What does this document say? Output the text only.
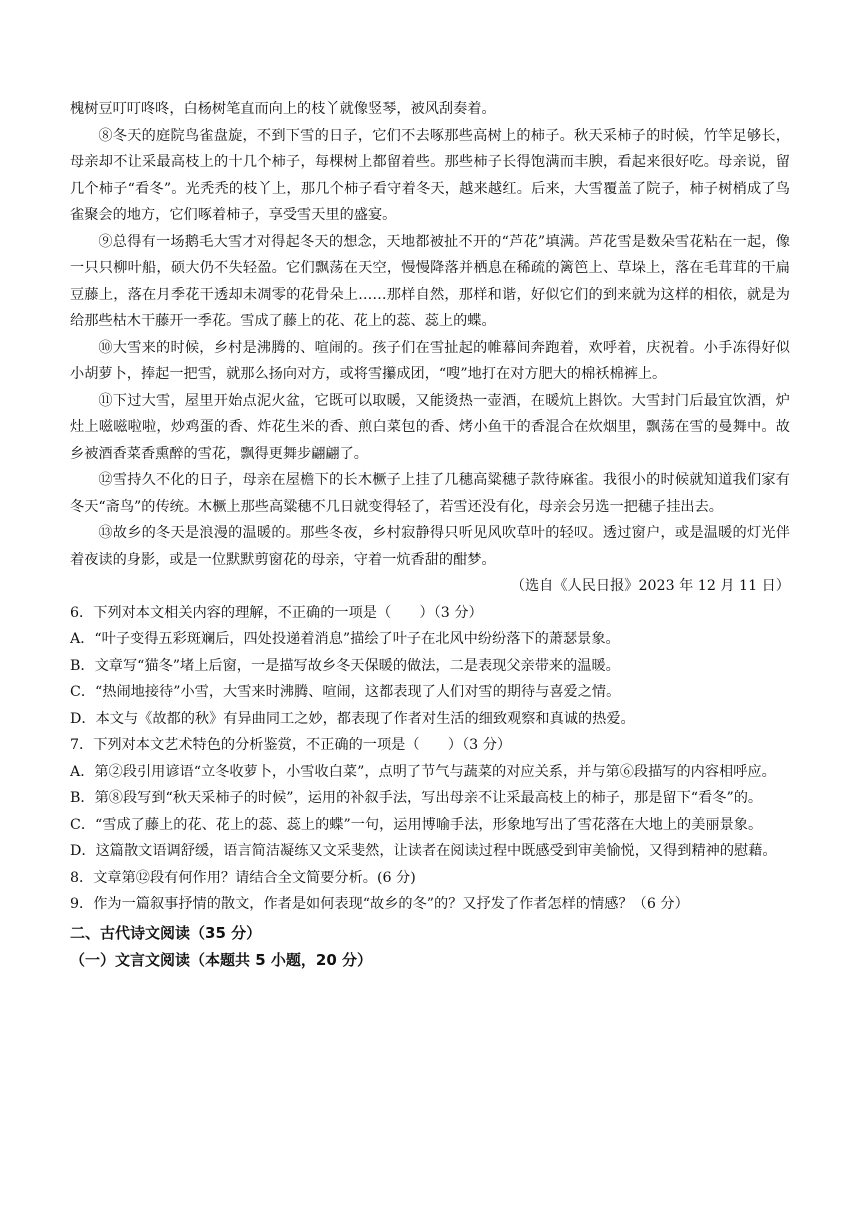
槐树豆叮叮咚咚，白杨树笔直而向上的枝丫就像竖琴，被风刮奏着。

⑧冬天的庭院鸟雀盘旋，不到下雪的日子，它们不去啄那些高树上的柿子。秋天采柿子的时候，竹竿足够长，母亲却不让采最高枝上的十几个柿子，每棵树上都留着些。那些柿子长得饱满而丰腴，看起来很好吃。母亲说，留几个柿子“看冬”。光秃秃的枝丫上，那几个柿子看守着冬天，越来越红。后来，大雪覆盖了院子，柿子树梢成了鸟雀聚会的地方，它们啄着柿子，享受雪天里的盛宴。

⑨总得有一场鹅毛大雪才对得起冬天的想念，天地都被扯不开的“芦花”填满。芦花雪是数朵雪花粘在一起，像一只只柳叶船，硕大仍不失轻盈。它们飘荡在天空，慢慢降落并栖息在稀疏的篱笆上、草垛上，落在毛茸茸的干扁豆藤上，落在月季花干透却未凋零的花骨朵上……那样自然，那样和谐，好似它们的到来就为这样的相依，就是为给那些枯木干藤开一季花。雪成了藤上的花、花上的蕊、蕊上的蝶。

⑩大雪来的时候，乡村是沸腾的、喧闹的。孩子们在雪扯起的帷幕间奔跑着，欢呼着，庆祝着。小手冻得好似小胡萝卜，捧起一把雪，就那么扬向对方，或将雪攥成团，“嗖”地打在对方肥大的棉袄棉裤上。

⑪下过大雪，屋里开始点泥火盆，它既可以取暖，又能烫热一壶酒，在暖炕上斟饮。大雪封门后最宜饮酒，炉灶上嗞嗞啦啦，炒鸡蛋的香、炸花生米的香、煎白菜包的香、烤小鱼干的香混合在炊烟里，飘荡在雪的曼舞中。故乡被酒香菜香熏醉的雪花，飘得更舞步翩翩了。

⑫雪持久不化的日子，母亲在屋檐下的长木橛子上挂了几穗高粱穗子款待麻雀。我很小的时候就知道我们家有冬天“斋鸟”的传统。木橛上那些高粱穗不几日就变得轻了，若雪还没有化，母亲会另选一把穗子挂出去。

⑬故乡的冬天是浪漫的温暖的。那些冬夜，乡村寂静得只听见风吹草叶的轻叹。透过窗户，或是温暖的灯光伴着夜读的身影，或是一位默默剪窗花的母亲，守着一炕香甜的酣梦。

（选自《人民日报》2023 年 12 月 11 日）

6．下列对本文相关内容的理解，不正确的一项是（　　）（3 分）

A．“叶子变得五彩斑斓后，四处投递着消息”描绘了叶子在北风中纷纷落下的萧瑟景象。

B．文章写“猫冬”堵上后窗，一是描写故乡冬天保暖的做法，二是表现父亲带来的温暖。

C．“热闹地接待”小雪，大雪来时沸腾、喧闹，这都表现了人们对雪的期待与喜爱之情。

D．本文与《故都的秋》有异曲同工之妙，都表现了作者对生活的细致观察和真诚的热爱。

7．下列对本文艺术特色的分析鉴赏，不正确的一项是（　　）（3 分）

A．第②段引用谚语“立冬收萝卜，小雪收白菜”，点明了节气与蔬菜的对应关系，并与第⑥段描写的内容相呼应。

B．第⑧段写到“秋天采柿子的时候”，运用的补叙手法，写出母亲不让采最高枝上的柿子，那是留下“看冬”的。

C．“雪成了藤上的花、花上的蕊、蕊上的蝶”一句，运用博喻手法，形象地写出了雪花落在大地上的美丽景象。

D．这篇散文语调舒缓，语言简洁凝练又文采斐然，让读者在阅读过程中既感受到审美愉悦，又得到精神的慰藉。

8．文章第⑫段有何作用？请结合全文简要分析。(6 分)

9．作为一篇叙事抒情的散文，作者是如何表现“故乡的冬”的？又抒发了作者怎样的情感？（6 分）

二、古代诗文阅读（35 分）

（一）文言文阅读（本题共 5 小题，20 分）
